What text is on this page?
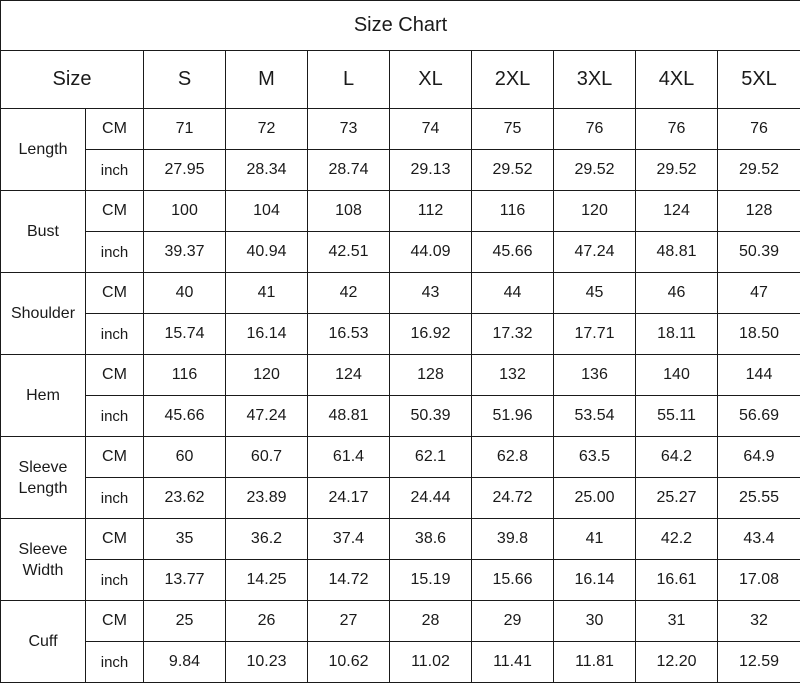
Size Chart									
Size		S	M	L	XL	2XL	3XL	4XL	5XL
Length	CM	71	72	73	74	75	76	76	76
	inch	27.95	28.34	28.74	29.13	29.52	29.52	29.52	29.52
Bust	CM	100	104	108	112	116	120	124	128
	inch	39.37	40.94	42.51	44.09	45.66	47.24	48.81	50.39
Shoulder	CM	40	41	42	43	44	45	46	47
	inch	15.74	16.14	16.53	16.92	17.32	17.71	18.11	18.50
Hem	CM	116	120	124	128	132	136	140	144
	inch	45.66	47.24	48.81	50.39	51.96	53.54	55.11	56.69
Sleeve Length	CM	60	60.7	61.4	62.1	62.8	63.5	64.2	64.9
	inch	23.62	23.89	24.17	24.44	24.72	25.00	25.27	25.55
Sleeve Width	CM	35	36.2	37.4	38.6	39.8	41	42.2	43.4
	inch	13.77	14.25	14.72	15.19	15.66	16.14	16.61	17.08
Cuff	CM	25	26	27	28	29	30	31	32
	inch	9.84	10.23	10.62	11.02	11.41	11.81	12.20	12.59
